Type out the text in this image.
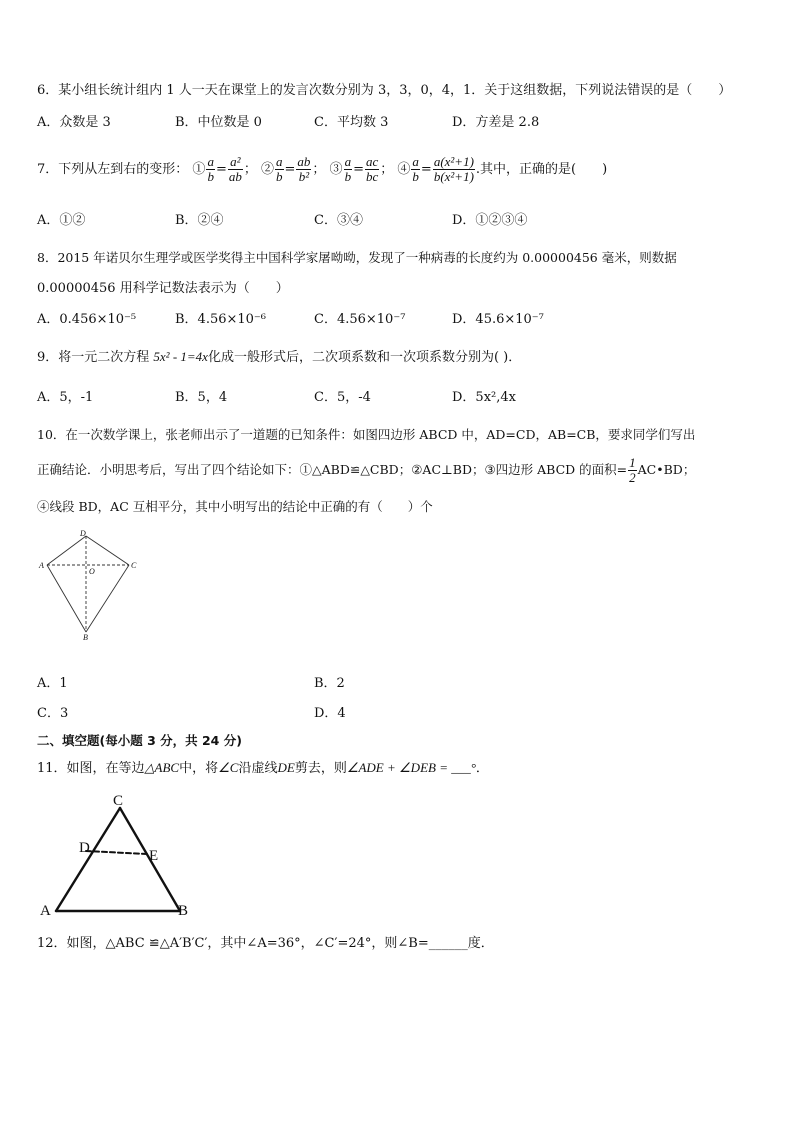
6．某小组长统计组内 1 人一天在课堂上的发言次数分别为 3，3，0，4，1．关于这组数据，下列说法错误的是（　　）
A．众数是 3	B．中位数是 0	C．平均数 3	D．方差是 2.8
7．下列从左到右的变形： ① $\frac{a}{b} = \frac{\text{a²}}{ab}$ ； ② $\frac{a}{b} = \frac{ab}{\text{b²}}$ ； ③ $\frac{a}{b} = \frac{ac}{bc}$ ； ④ $\frac{a}{b} = \frac{\text{a(x²+1)}}{\text{b(x²+1)}}$ .其中，正确的是(　　)
A．①②	B．②④	C．③④	D．①②③④
8．2015 年诺贝尔生理学或医学奖得主中国科学家屠呦呦，发现了一种病毒的长度约为 0.00000456 毫米，则数据
0.00000456 用科学记数法表示为（　　）
A．0.456×10⁻⁵	B．4.56×10⁻⁶	C．4.56×10⁻⁷	D．45.6×10⁻⁷
9．将一元二次方程 5x² - 1=4x化成一般形式后，二次项系数和一次项系数分别为( )．
A．5，-1	B．5，4	C．5，-4	D．5x²,4x
10．在一次数学课上，张老师出示了一道题的已知条件：如图四边形 ABCD 中，AD=CD，AB=CB，要求同学们写出
正确结论．小明思考后，写出了四个结论如下：①△ABD≌△CBD；②AC⊥BD；③四边形 ABCD 的面积= $\frac{1}{2}$ AC•BD；
④线段 BD，AC 互相平分，其中小明写出的结论中正确的有（　　）个
D
A
O
C
B
A．1	B．2
C．3	D．4
二、填空题(每小题 3 分，共 24 分)
11．如图，在等边△ABC中，将∠C沿虚线DE剪去，则∠ADE + ∠DEB = ___°．
C
D	E
A	B
12．如图，△ABC ≌△A′B′C′，其中∠A=36°，∠C′=24°，则∠B=______度．
